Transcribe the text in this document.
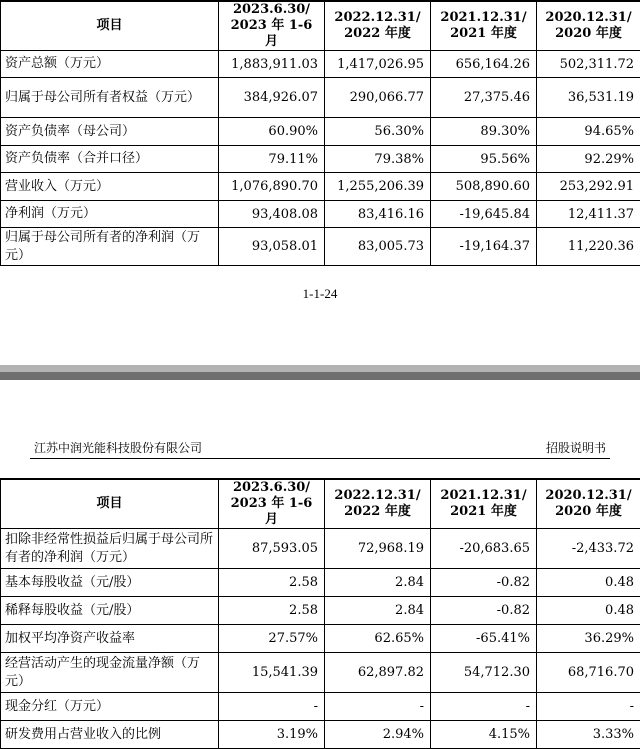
项目	2023.6.30/ 2023 年 1-6 月	2022.12.31/ 2022 年度	2021.12.31/ 2021 年度	2020.12.31/ 2020 年度
资产总额（万元）	1,883,911.03	1,417,026.95	656,164.26	502,311.72
归属于母公司所有者权益（万元）	384,926.07	290,066.77	27,375.46	36,531.19
资产负债率（母公司）	60.90%	56.30%	89.30%	94.65%
资产负债率（合并口径）	79.11%	79.38%	95.56%	92.29%
营业收入（万元）	1,076,890.70	1,255,206.39	508,890.60	253,292.91
净利润（万元）	93,408.08	83,416.16	-19,645.84	12,411.37
归属于母公司所有者的净利润（万元）	93,058.01	83,005.73	-19,164.37	11,220.36
1-1-24
江苏中润光能科技股份有限公司	招股说明书
项目	2023.6.30/ 2023 年 1-6 月	2022.12.31/ 2022 年度	2021.12.31/ 2021 年度	2020.12.31/ 2020 年度
扣除非经常性损益后归属于母公司所有者的净利润（万元）	87,593.05	72,968.19	-20,683.65	-2,433.72
基本每股收益（元/股）	2.58	2.84	-0.82	0.48
稀释每股收益（元/股）	2.58	2.84	-0.82	0.48
加权平均净资产收益率	27.57%	62.65%	-65.41%	36.29%
经营活动产生的现金流量净额（万元）	15,541.39	62,897.82	54,712.30	68,716.70
现金分红（万元）	-	-	-	-
研发费用占营业收入的比例	3.19%	2.94%	4.15%	3.33%
